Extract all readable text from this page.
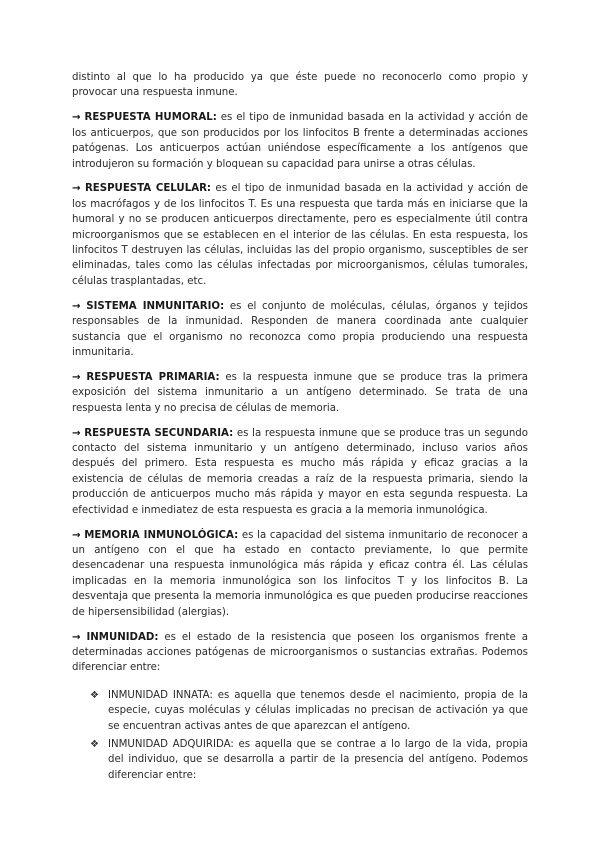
distinto al que lo ha producido ya que éste puede no reconocerlo como propio y provocar una respuesta inmune.

→ RESPUESTA HUMORAL: es el tipo de inmunidad basada en la actividad y acción de los anticuerpos, que son producidos por los linfocitos B frente a determinadas acciones patógenas. Los anticuerpos actúan uniéndose específicamente a los antígenos que introdujeron su formación y bloquean su capacidad para unirse a otras células.

→ RESPUESTA CELULAR: es el tipo de inmunidad basada en la actividad y acción de los macrófagos y de los linfocitos T. Es una respuesta que tarda más en iniciarse que la humoral y no se producen anticuerpos directamente, pero es especialmente útil contra microorganismos que se establecen en el interior de las células. En esta respuesta, los linfocitos T destruyen las células, incluidas las del propio organismo, susceptibles de ser eliminadas, tales como las células infectadas por microorganismos, células tumorales, células trasplantadas, etc.

→ SISTEMA INMUNITARIO: es el conjunto de moléculas, células, órganos y tejidos responsables de la inmunidad. Responden de manera coordinada ante cualquier sustancia que el organismo no reconozca como propia produciendo una respuesta inmunitaria.

→ RESPUESTA PRIMARIA: es la respuesta inmune que se produce tras la primera exposición del sistema inmunitario a un antígeno determinado. Se trata de una respuesta lenta y no precisa de células de memoria.

→ RESPUESTA SECUNDARIA: es la respuesta inmune que se produce tras un segundo contacto del sistema inmunitario y un antígeno determinado, incluso varios años después del primero. Esta respuesta es mucho más rápida y eficaz gracias a la existencia de células de memoria creadas a raíz de la respuesta primaria, siendo la producción de anticuerpos mucho más rápida y mayor en esta segunda respuesta. La efectividad e inmediatez de esta respuesta es gracia a la memoria inmunológica.

→ MEMORIA INMUNOLÓGICA: es la capacidad del sistema inmunitario de reconocer a un antígeno con el que ha estado en contacto previamente, lo que permite desencadenar una respuesta inmunológica más rápida y eficaz contra él. Las células implicadas en la memoria inmunológica son los linfocitos T y los linfocitos B. La desventaja que presenta la memoria inmunológica es que pueden producirse reacciones de hipersensibilidad (alergias).

→ INMUNIDAD: es el estado de la resistencia que poseen los organismos frente a determinadas acciones patógenas de microorganismos o sustancias extrañas. Podemos diferenciar entre:

❖ INMUNIDAD INNATA: es aquella que tenemos desde el nacimiento, propia de la especie, cuyas moléculas y células implicadas no precisan de activación ya que se encuentran activas antes de que aparezcan el antígeno.
❖ INMUNIDAD ADQUIRIDA: es aquella que se contrae a lo largo de la vida, propia del individuo, que se desarrolla a partir de la presencia del antígeno. Podemos diferenciar entre:
